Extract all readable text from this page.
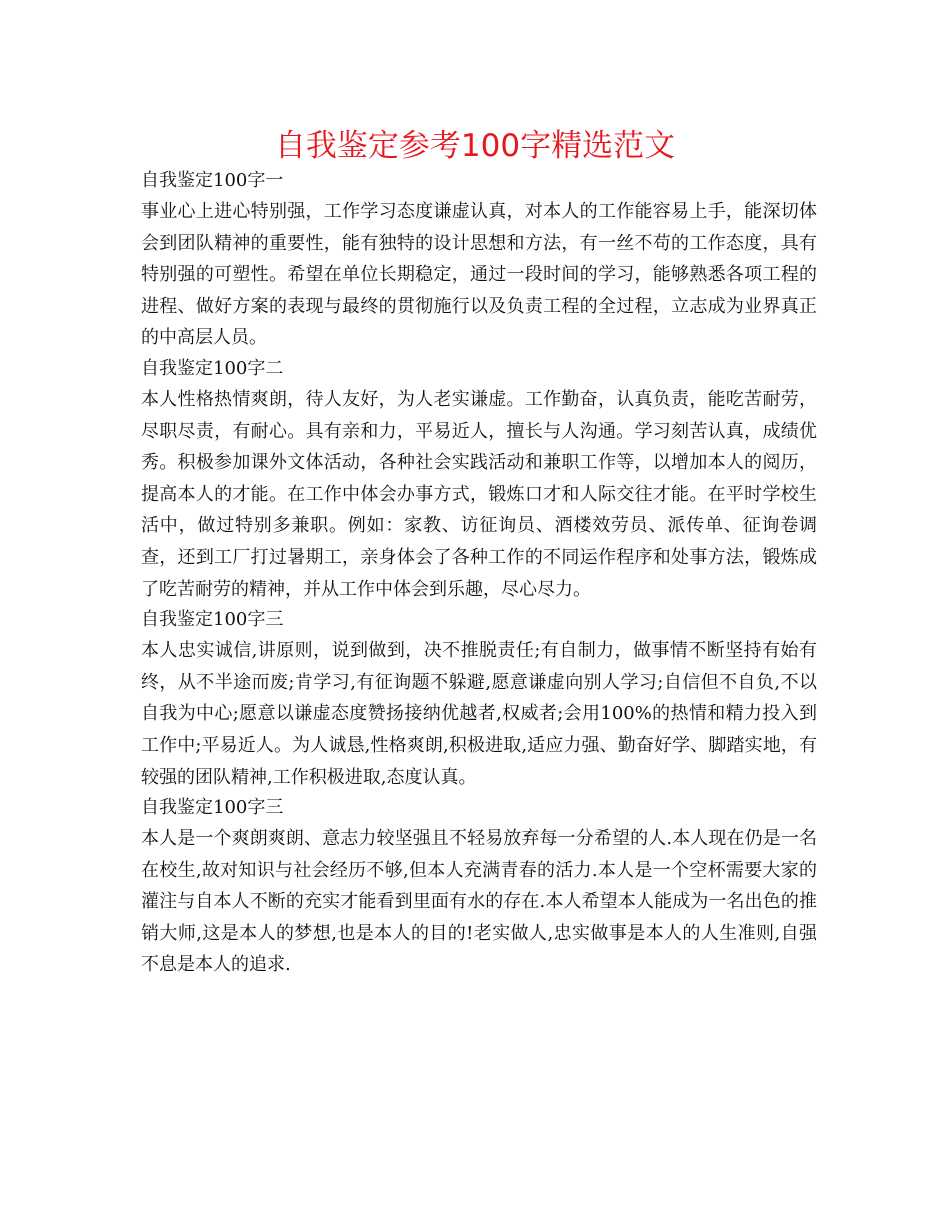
自我鉴定参考100字精选范文

自我鉴定100字一

事业心上进心特别强，工作学习态度谦虚认真，对本人的工作能容易上手，能深切体会到团队精神的重要性，能有独特的设计思想和方法，有一丝不苟的工作态度，具有特别强的可塑性。希望在单位长期稳定，通过一段时间的学习，能够熟悉各项工程的进程、做好方案的表现与最终的贯彻施行以及负责工程的全过程，立志成为业界真正的中高层人员。

自我鉴定100字二

本人性格热情爽朗，待人友好，为人老实谦虚。工作勤奋，认真负责，能吃苦耐劳，尽职尽责，有耐心。具有亲和力，平易近人，擅长与人沟通。学习刻苦认真，成绩优秀。积极参加课外文体活动，各种社会实践活动和兼职工作等，以增加本人的阅历，提高本人的才能。在工作中体会办事方式，锻炼口才和人际交往才能。在平时学校生活中，做过特别多兼职。例如：家教、访征询员、酒楼效劳员、派传单、征询卷调查，还到工厂打过暑期工，亲身体会了各种工作的不同运作程序和处事方法，锻炼成了吃苦耐劳的精神，并从工作中体会到乐趣，尽心尽力。

自我鉴定100字三

本人忠实诚信,讲原则，说到做到，决不推脱责任;有自制力，做事情不断坚持有始有终，从不半途而废;肯学习,有征询题不躲避,愿意谦虚向别人学习;自信但不自负,不以自我为中心;愿意以谦虚态度赞扬接纳优越者,权威者;会用100%的热情和精力投入到工作中;平易近人。为人诚恳,性格爽朗,积极进取,适应力强、勤奋好学、脚踏实地，有较强的团队精神,工作积极进取,态度认真。

自我鉴定100字三

本人是一个爽朗爽朗、意志力较坚强且不轻易放弃每一分希望的人.本人现在仍是一名在校生,故对知识与社会经历不够,但本人充满青春的活力.本人是一个空杯需要大家的灌注与自本人不断的充实才能看到里面有水的存在.本人希望本人能成为一名出色的推销大师,这是本人的梦想,也是本人的目的!老实做人,忠实做事是本人的人生准则,自强不息是本人的追求.
